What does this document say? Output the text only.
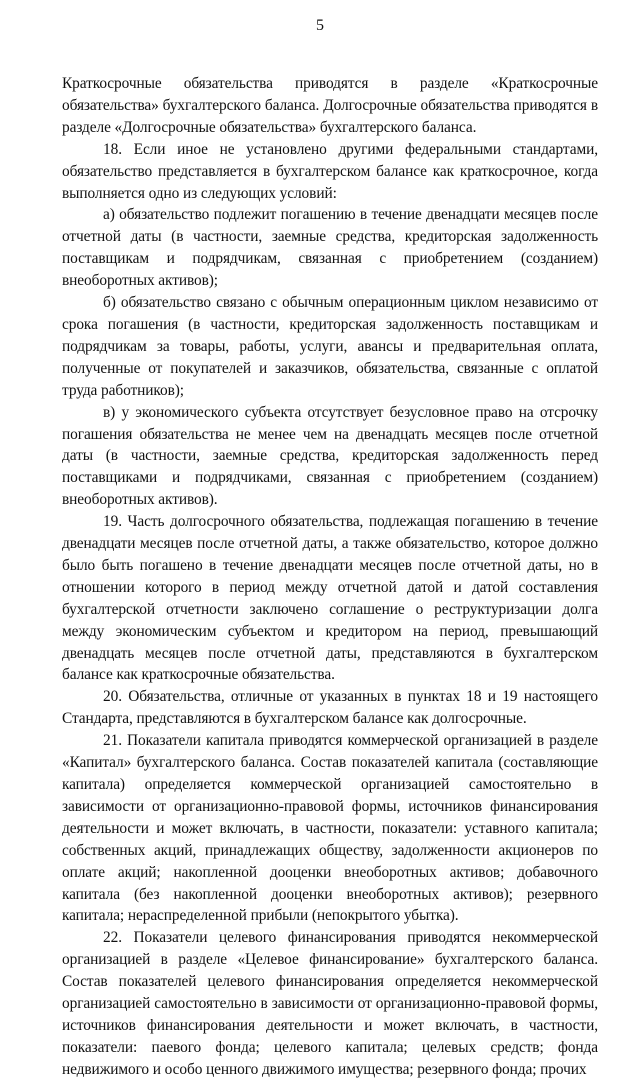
5

Краткосрочные обязательства приводятся в разделе «Краткосрочные обязательства» бухгалтерского баланса. Долгосрочные обязательства приводятся в разделе «Долгосрочные обязательства» бухгалтерского баланса.

18. Если иное не установлено другими федеральными стандартами, обязательство представляется в бухгалтерском балансе как краткосрочное, когда выполняется одно из следующих условий:

а) обязательство подлежит погашению в течение двенадцати месяцев после отчетной даты (в частности, заемные средства, кредиторская задолженность поставщикам и подрядчикам, связанная с приобретением (созданием) внеоборотных активов);

б) обязательство связано с обычным операционным циклом независимо от срока погашения (в частности, кредиторская задолженность поставщикам и подрядчикам за товары, работы, услуги, авансы и предварительная оплата, полученные от покупателей и заказчиков, обязательства, связанные с оплатой труда работников);

в) у экономического субъекта отсутствует безусловное право на отсрочку погашения обязательства не менее чем на двенадцать месяцев после отчетной даты (в частности, заемные средства, кредиторская задолженность перед поставщиками и подрядчиками, связанная с приобретением (созданием) внеоборотных активов).

19. Часть долгосрочного обязательства, подлежащая погашению в течение двенадцати месяцев после отчетной даты, а также обязательство, которое должно было быть погашено в течение двенадцати месяцев после отчетной даты, но в отношении которого в период между отчетной датой и датой составления бухгалтерской отчетности заключено соглашение о реструктуризации долга между экономическим субъектом и кредитором на период, превышающий двенадцать месяцев после отчетной даты, представляются в бухгалтерском балансе как краткосрочные обязательства.

20. Обязательства, отличные от указанных в пунктах 18 и 19 настоящего Стандарта, представляются в бухгалтерском балансе как долгосрочные.

21. Показатели капитала приводятся коммерческой организацией в разделе «Капитал» бухгалтерского баланса. Состав показателей капитала (составляющие капитала) определяется коммерческой организацией самостоятельно в зависимости от организационно-правовой формы, источников финансирования деятельности и может включать, в частности, показатели: уставного капитала; собственных акций, принадлежащих обществу, задолженности акционеров по оплате акций; накопленной дооценки внеоборотных активов; добавочного капитала (без накопленной дооценки внеоборотных активов); резервного капитала; нераспределенной прибыли (непокрытого убытка).

22. Показатели целевого финансирования приводятся некоммерческой организацией в разделе «Целевое финансирование» бухгалтерского баланса. Состав показателей целевого финансирования определяется некоммерческой организацией самостоятельно в зависимости от организационно-правовой формы, источников финансирования деятельности и может включать, в частности, показатели: паевого фонда; целевого капитала; целевых средств; фонда недвижимого и особо ценного движимого имущества; резервного фонда; прочих
